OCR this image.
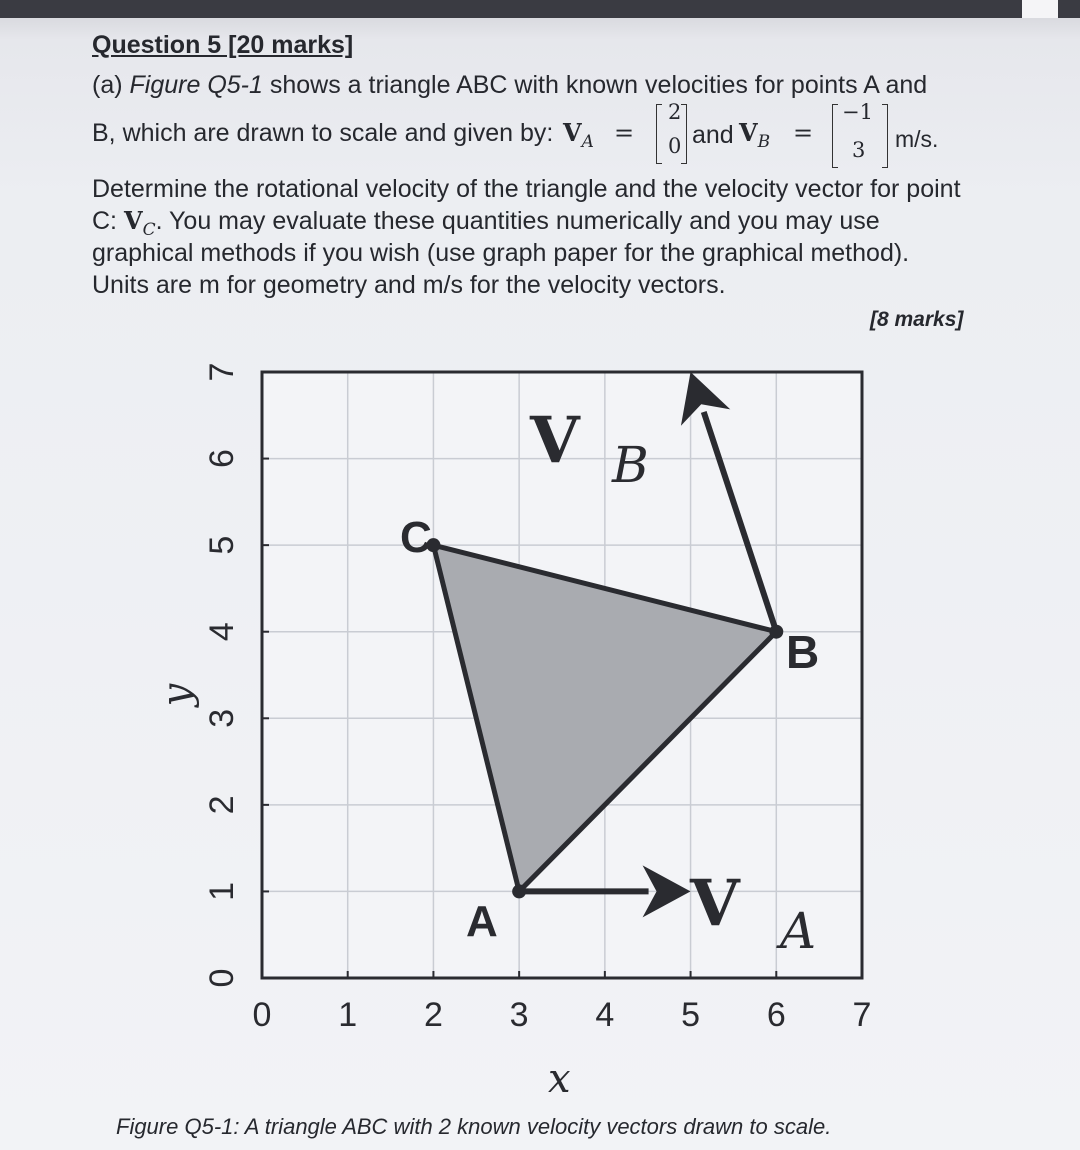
Question 5 [20 marks]
(a) Figure Q5-1 shows a triangle ABC with known velocities for points A and
B, which are drawn to scale and given by: $V_A$ =
2
0 and $V_B$ =
−1
3 m/s.
Determine the rotational velocity of the triangle and the velocity vector for point
C: $V_C$. You may evaluate these quantities numerically and you may use
graphical methods if you wish (use graph paper for the graphical method).
Units are m for geometry and m/s for the velocity vectors.
[8 marks]
0 1 2 3 4 5 6 7
0
1
2
3
4
5
6
7
C
B
A
V B
V A
x
y
Figure Q5-1: A triangle ABC with 2 known velocity vectors drawn to scale.
